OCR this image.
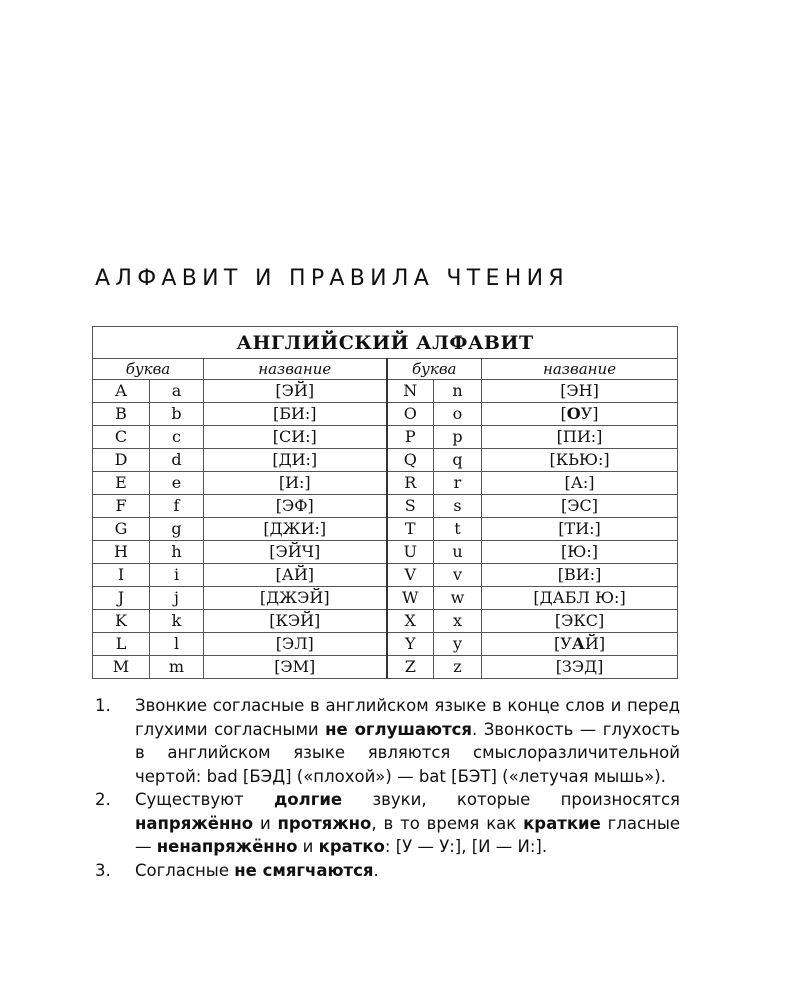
АЛФАВИТ И ПРАВИЛА ЧТЕНИЯ
АНГЛИЙСКИЙ АЛФАВИТ					
буква		название	буква		название
A	a	[ЭЙ]	N	n	[ЭН]
B	b	[БИ:]	O	o	[ОУ]
C	c	[СИ:]	P	p	[ПИ:]
D	d	[ДИ:]	Q	q	[КЬЮ:]
E	e	[И:]	R	r	[А:]
F	f	[ЭФ]	S	s	[ЭС]
G	g	[ДЖИ:]	T	t	[ТИ:]
H	h	[ЭЙЧ]	U	u	[Ю:]
I	i	[АЙ]	V	v	[ВИ:]
J	j	[ДЖЭЙ]	W	w	[ДАБЛ Ю:]
K	k	[КЭЙ]	X	x	[ЭКС]
L	l	[ЭЛ]	Y	y	[УАЙ]
M	m	[ЭМ]	Z	z	[ЗЭД]
1. Звонкие согласные в английском языке в конце слов и перед глухими согласными не оглушаются. Звонкость — глухость в английском языке являются смыслоразличительной чертой: bad [БЭД] («плохой») — bat [БЭТ] («летучая мышь»).
2. Существуют долгие звуки, которые произносятся напряжённо и протяжно, в то время как краткие гласные — ненапряжённо и кратко: [У — У:], [И — И:].
3. Согласные не смягчаются.
